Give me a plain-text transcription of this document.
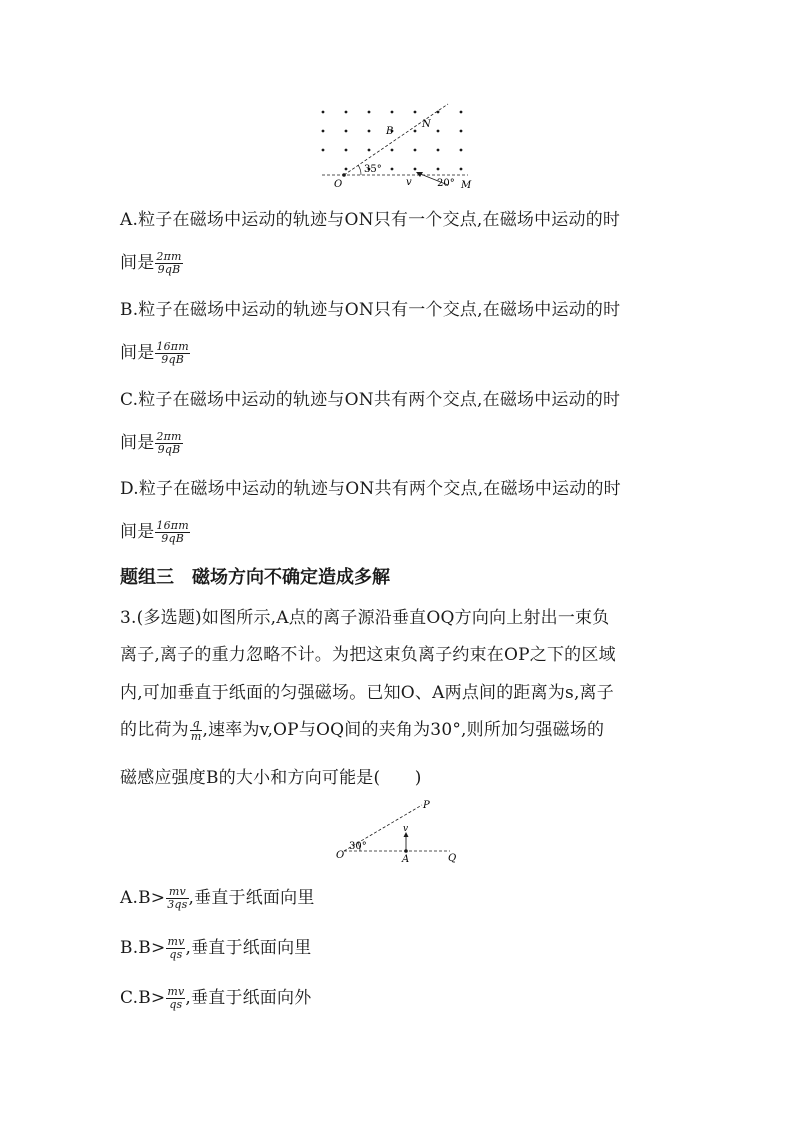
B
N
O
35°
v	20° M
A.粒子在磁场中运动的轨迹与ON只有一个交点,在磁场中运动的时
间是 $\frac{2\pi m}{9qB}$
B.粒子在磁场中运动的轨迹与ON只有一个交点,在磁场中运动的时
间是 $\frac{16\pi m}{9qB}$
C.粒子在磁场中运动的轨迹与ON共有两个交点,在磁场中运动的时
间是 $\frac{2\pi m}{9qB}$
D.粒子在磁场中运动的轨迹与ON共有两个交点,在磁场中运动的时
间是 $\frac{16\pi m}{9qB}$
题组三　磁场方向不确定造成多解
3.(多选题)如图所示,A点的离子源沿垂直OQ方向向上射出一束负
离子,离子的重力忽略不计。为把这束负离子约束在OP之下的区域
内,可加垂直于纸面的匀强磁场。已知O、A两点间的距离为s,离子
的比荷为 $\frac{q}{m}$ ,速率为v,OP与OQ间的夹角为30°,则所加匀强磁场的
磁感应强度B的大小和方向可能是(　　)
P
v
O
30°
A	Q
$A.B> \frac{mv}{3qs}$ ,垂直于纸面向里
$B.B> \frac{mv}{qs}$ ,垂直于纸面向里
$C.B> \frac{mv}{qs}$ ,垂直于纸面向外
